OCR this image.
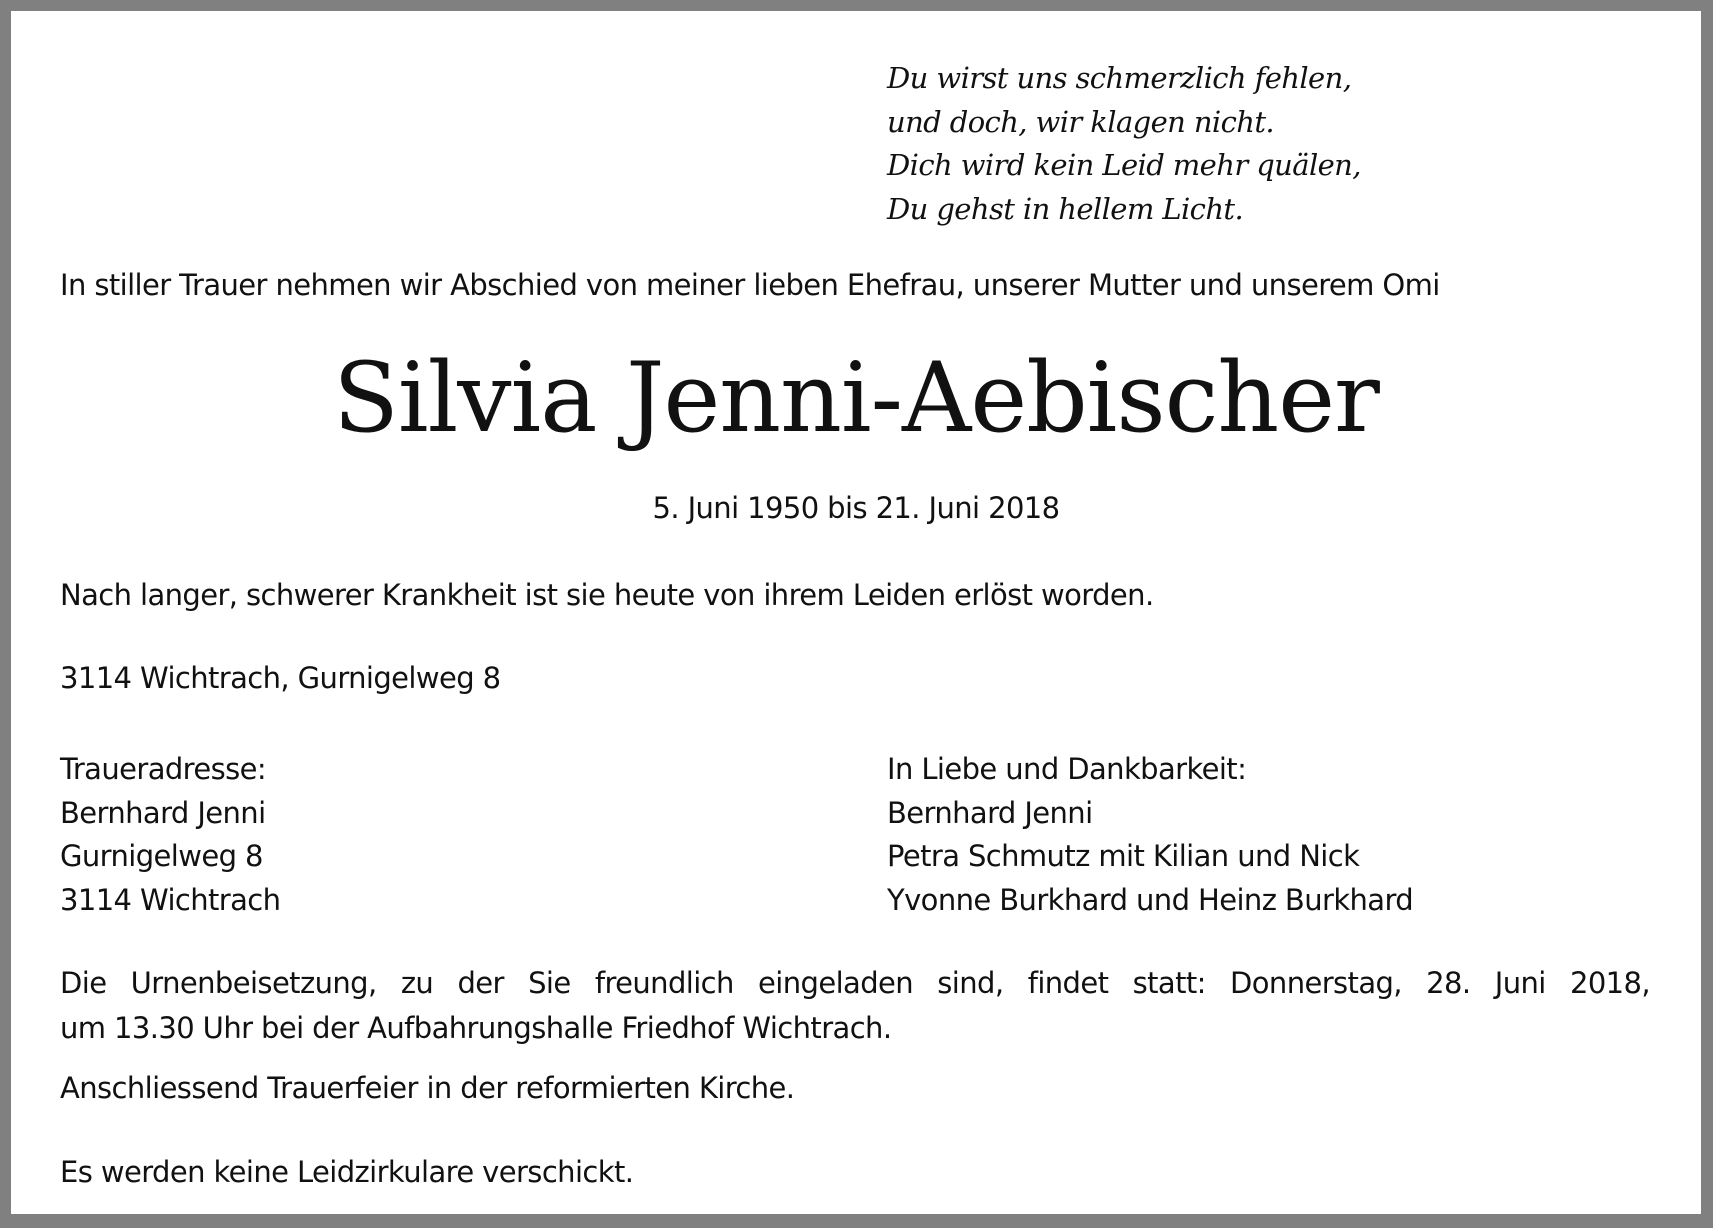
Du wirst uns schmerzlich fehlen,
und doch, wir klagen nicht.
Dich wird kein Leid mehr quälen,
Du gehst in hellem Licht.
In stiller Trauer nehmen wir Abschied von meiner lieben Ehefrau, unserer Mutter und unserem Omi
Silvia Jenni-Aebischer
5. Juni 1950 bis 21. Juni 2018
Nach langer, schwerer Krankheit ist sie heute von ihrem Leiden erlöst worden.
3114 Wichtrach, Gurnigelweg 8
Traueradresse:
Bernhard Jenni
Gurnigelweg 8
3114 Wichtrach
In Liebe und Dankbarkeit:
Bernhard Jenni
Petra Schmutz mit Kilian und Nick
Yvonne Burkhard und Heinz Burkhard
Die Urnenbeisetzung, zu der Sie freundlich eingeladen sind, findet statt: Donnerstag, 28. Juni 2018,
um 13.30 Uhr bei der Aufbahrungshalle Friedhof Wichtrach.
Anschliessend Trauerfeier in der reformierten Kirche.
Es werden keine Leidzirkulare verschickt.
